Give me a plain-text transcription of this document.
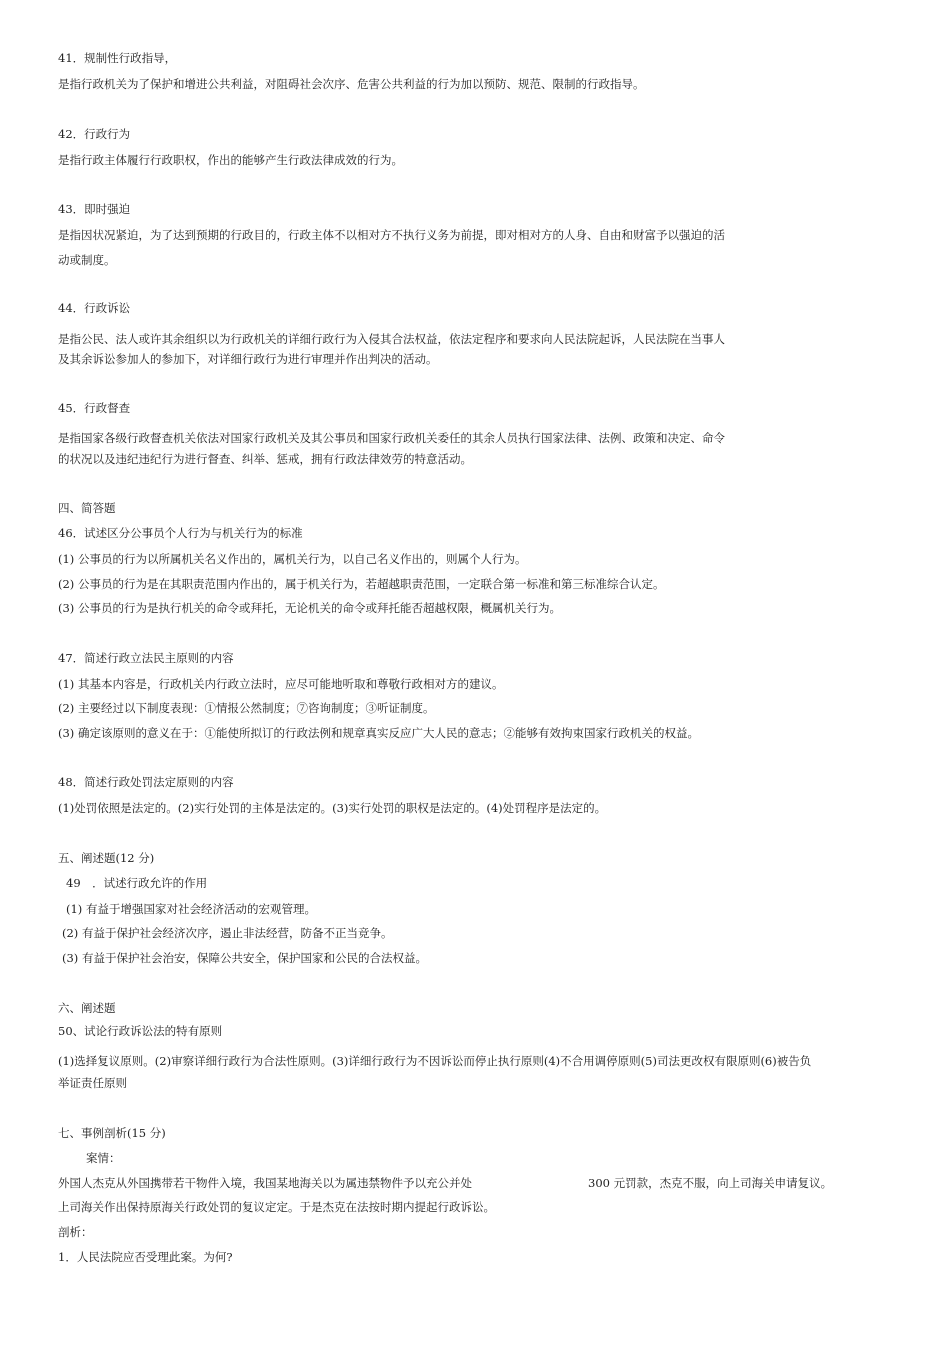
41．规制性行政指导，
是指行政机关为了保护和增进公共利益，对阻碍社会次序、危害公共利益的行为加以预防、规范、限制的行政指导。
42．行政行为
是指行政主体履行行政职权，作出的能够产生行政法律成效的行为。
43．即时强迫
是指因状况紧迫，为了达到预期的行政目的，行政主体不以相对方不执行义务为前提，即对相对方的人身、自由和财富予以强迫的活
动或制度。
44．行政诉讼
是指公民、法人或许其余组织以为行政机关的详细行政行为入侵其合法权益，依法定程序和要求向人民法院起诉，人民法院在当事人
及其余诉讼参加人的参加下，对详细行政行为进行审理并作出判决的活动。
45．行政督查
是指国家各级行政督查机关依法对国家行政机关及其公事员和国家行政机关委任的其余人员执行国家法律、法例、政策和决定、命令
的状况以及违纪违纪行为进行督查、纠举、惩戒，拥有行政法律效劳的特意活动。
四、简答题
46．试述区分公事员个人行为与机关行为的标准
(1) 公事员的行为以所属机关名义作出的，属机关行为，以自己名义作出的，则属个人行为。
(2) 公事员的行为是在其职责范围内作出的，属于机关行为，若超越职责范围，一定联合第一标准和第三标准综合认定。
(3) 公事员的行为是执行机关的命令或拜托，无论机关的命令或拜托能否超越权限，概属机关行为。
47．简述行政立法民主原则的内容
(1) 其基本内容是，行政机关内行政立法时，应尽可能地听取和尊敬行政相对方的建议。
(2) 主要经过以下制度表现：①情报公然制度；⑦咨询制度；③听证制度。
(3) 确定该原则的意义在于：①能使所拟订的行政法例和规章真实反应广大人民的意志；②能够有效拘束国家行政机关的权益。
48．简述行政处罚法定原则的内容
(1)处罚依照是法定的。(2)实行处罚的主体是法定的。(3)实行处罚的职权是法定的。(4)处罚程序是法定的。
五、阐述题(12 分)
49　．试述行政允许的作用
(1) 有益于增强国家对社会经济活动的宏观管理。
(2) 有益于保护社会经济次序，遏止非法经营，防备不正当竞争。
(3) 有益于保护社会治安，保障公共安全，保护国家和公民的合法权益。
六、阐述题
50、试论行政诉讼法的特有原则
(1)选择复议原则。(2)审察详细行政行为合法性原则。(3)详细行政行为不因诉讼而停止执行原则(4)不合用调停原则(5)司法更改权有限原则(6)被告负
举证责任原则
七、事例剖析(15 分)
案情：
外国人杰克从外国携带若干物件入境，我国某地海关以为属违禁物件予以充公并处	300 元罚款，杰克不服，向上司海关申请复议。
上司海关作出保持原海关行政处罚的复议定定。于是杰克在法按时期内提起行政诉讼。
剖析：
1．人民法院应否受理此案。为何?
